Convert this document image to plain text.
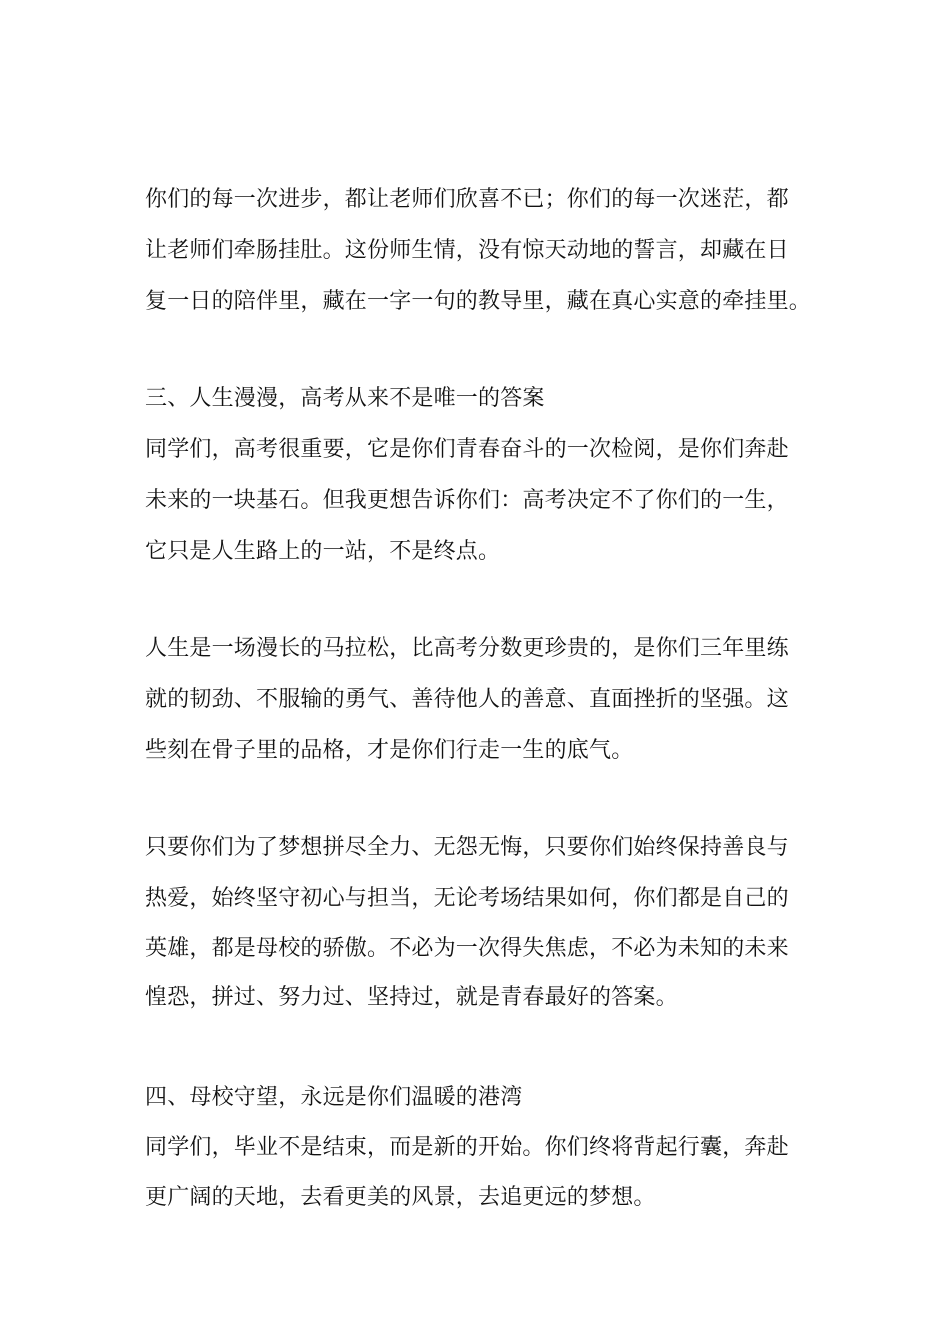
你们的每一次进步，都让老师们欣喜不已；你们的每一次迷茫，都
让老师们牵肠挂肚。这份师生情，没有惊天动地的誓言，却藏在日
复一日的陪伴里，藏在一字一句的教导里，藏在真心实意的牵挂里。
三、人生漫漫，高考从来不是唯一的答案
同学们，高考很重要，它是你们青春奋斗的一次检阅，是你们奔赴
未来的一块基石。但我更想告诉你们：高考决定不了你们的一生，
它只是人生路上的一站，不是终点。
人生是一场漫长的马拉松，比高考分数更珍贵的，是你们三年里练
就的韧劲、不服输的勇气、善待他人的善意、直面挫折的坚强。这
些刻在骨子里的品格，才是你们行走一生的底气。
只要你们为了梦想拼尽全力、无怨无悔，只要你们始终保持善良与
热爱，始终坚守初心与担当，无论考场结果如何，你们都是自己的
英雄，都是母校的骄傲。不必为一次得失焦虑，不必为未知的未来
惶恐，拼过、努力过、坚持过，就是青春最好的答案。
四、母校守望，永远是你们温暖的港湾
同学们，毕业不是结束，而是新的开始。你们终将背起行囊，奔赴
更广阔的天地，去看更美的风景，去追更远的梦想。
